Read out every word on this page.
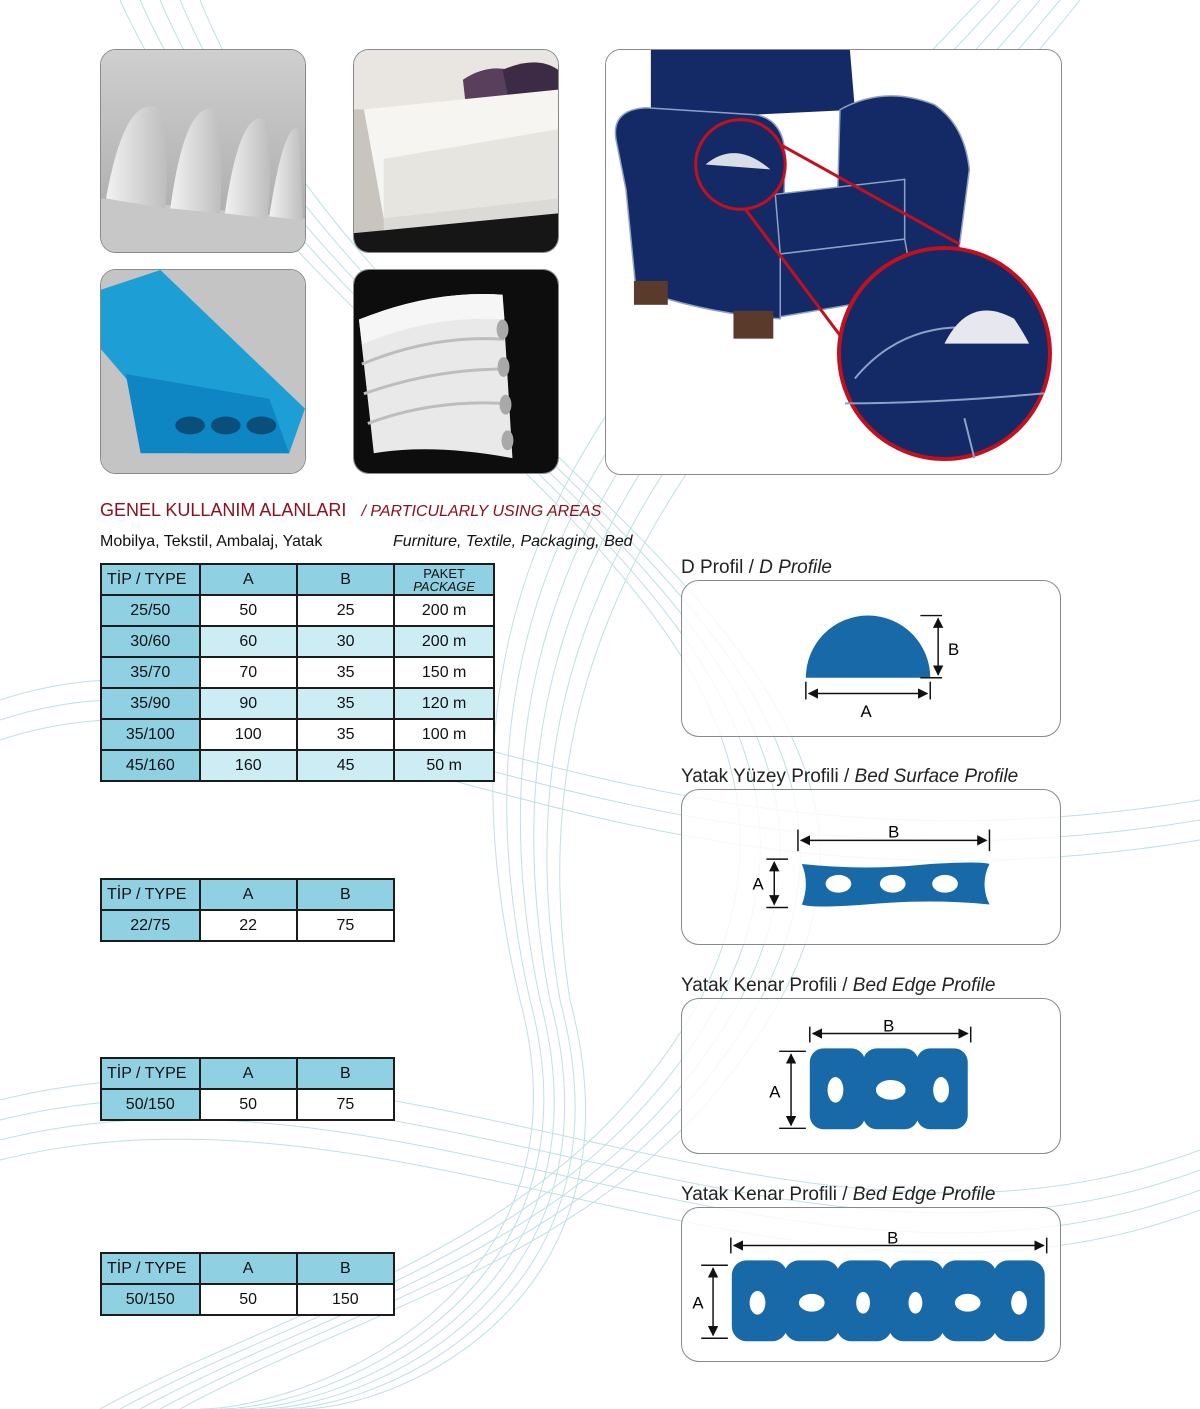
GENEL KULLANIM ALANLARI / PARTICULARLY USING AREAS
Mobilya, Tekstil, Ambalaj, Yatak	Furniture, Textile, Packaging, Bed
TİP / TYPE	A	B	PAKET
PACKAGE

25/50	50	25	200 m
30/60	60	30	200 m
35/70	70	35	150 m
35/90	90	35	120 m
35/100	100	35	100 m
45/160	160	45	50 m
TİP / TYPE	A	B
22/75	22	75
TİP / TYPE	A	B
50/150	50	75
TİP / TYPE	A	B
50/150	50	150
D Profil / D Profile
A
B
Yatak Yüzey Profili / Bed Surface Profile
B
A
Yatak Kenar Profili / Bed Edge Profile
B
A
Yatak Kenar Profili / Bed Edge Profile
B
A
